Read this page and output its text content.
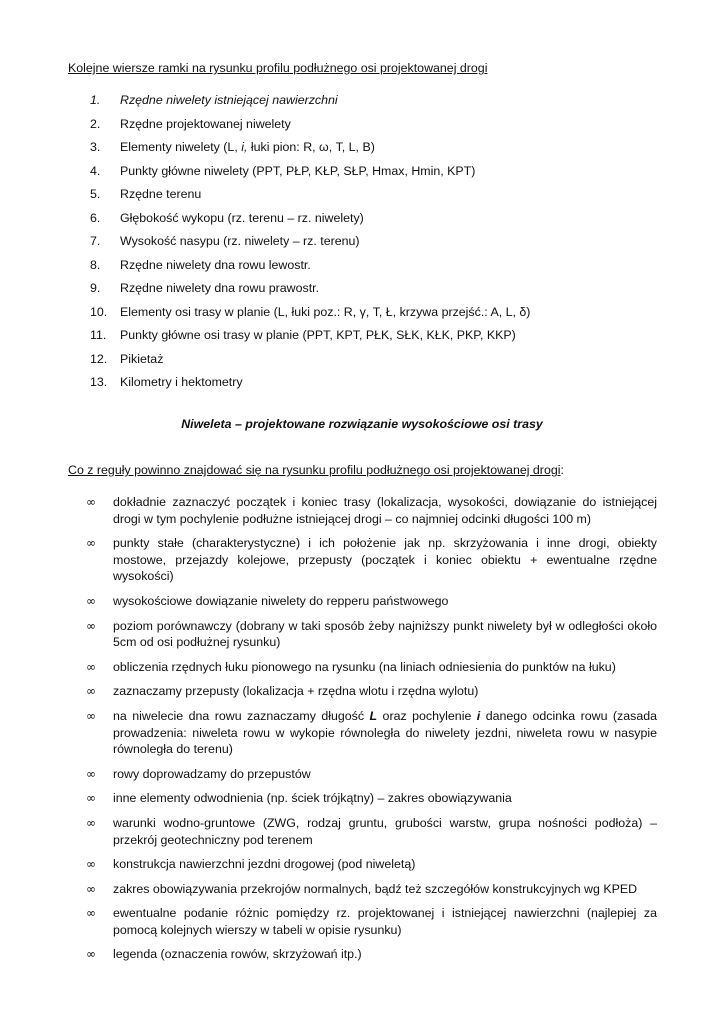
Kolejne wiersze ramki na rysunku profilu podłużnego osi projektowanej drogi
1. Rzędne niwelety istniejącej nawierzchni
2. Rzędne projektowanej niwelety
3. Elementy niwelety (L, i, łuki pion: R, ω, T, L, B)
4. Punkty główne niwelety (PPT, PŁP, KŁP, SŁP, Hmax, Hmin, KPT)
5. Rzędne terenu
6. Głębokość wykopu (rz. terenu – rz. niwelety)
7. Wysokość nasypu (rz. niwelety – rz. terenu)
8. Rzędne niwelety dna rowu lewostr.
9. Rzędne niwelety dna rowu prawostr.
10. Elementy osi trasy w planie (L, łuki poz.: R, γ, T, Ł, krzywa przejść.: A, L, δ)
11. Punkty główne osi trasy w planie (PPT, KPT, PŁK, SŁK, KŁK, PKP, KKP)
12. Pikietaż
13. Kilometry i hektometry
Niweleta – projektowane rozwiązanie wysokościowe osi trasy
Co z reguły powinno znajdować się na rysunku profilu podłużnego osi projektowanej drogi:
∞ dokładnie zaznaczyć początek i koniec trasy (lokalizacja, wysokości, dowiązanie do istniejącej drogi w tym pochylenie podłużne istniejącej drogi – co najmniej odcinki długości 100 m)
∞ punkty stałe (charakterystyczne) i ich położenie jak np. skrzyżowania i inne drogi, obiekty mostowe, przejazdy kolejowe, przepusty (początek i koniec obiektu + ewentualne rzędne wysokości)
∞ wysokościowe dowiązanie niwelety do repperu państwowego
∞ poziom porównawczy (dobrany w taki sposób żeby najniższy punkt niwelety był w odległości około 5cm od osi podłużnej rysunku)
∞ obliczenia rzędnych łuku pionowego na rysunku (na liniach odniesienia do punktów na łuku)
∞ zaznaczamy przepusty (lokalizacja + rzędna wlotu i rzędna wylotu)
∞ na niwelecie dna rowu zaznaczamy długość L oraz pochylenie i danego odcinka rowu (zasada prowadzenia: niweleta rowu w wykopie równoległa do niwelety jezdni, niweleta rowu w nasypie równoległa do terenu)
∞ rowy doprowadzamy do przepustów
∞ inne elementy odwodnienia (np. ściek trójkątny) – zakres obowiązywania
∞ warunki wodno-gruntowe (ZWG, rodzaj gruntu, grubości warstw, grupa nośności podłoża) – przekrój geotechniczny pod terenem
∞ konstrukcja nawierzchni jezdni drogowej (pod niweletą)
∞ zakres obowiązywania przekrojów normalnych, bądź też szczegółów konstrukcyjnych wg KPED
∞ ewentualne podanie różnic pomiędzy rz. projektowanej i istniejącej nawierzchni (najlepiej za pomocą kolejnych wierszy w tabeli w opisie rysunku)
∞ legenda (oznaczenia rowów, skrzyżowań itp.)
